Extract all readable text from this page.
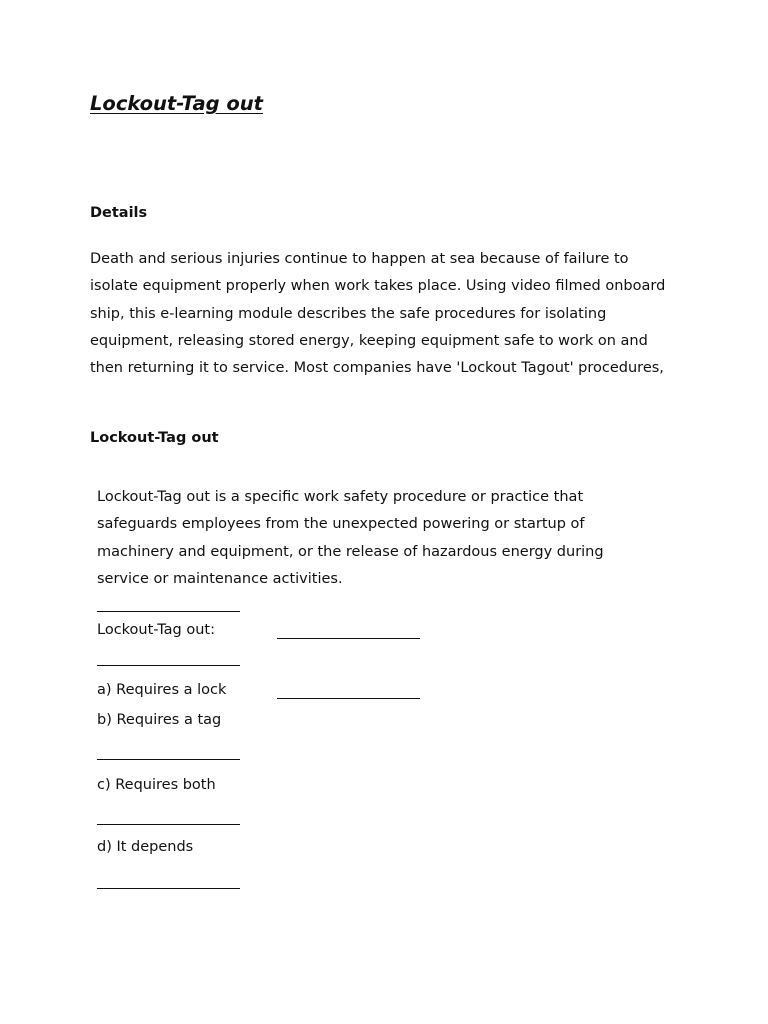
Lockout-Tag out
Details
Death and serious injuries continue to happen at sea because of failure to isolate equipment properly when work takes place. Using video filmed onboard ship, this e-learning module describes the safe procedures for isolating equipment, releasing stored energy, keeping equipment safe to work on and then returning it to service. Most companies have 'Lockout Tagout' procedures,
Lockout-Tag out
Lockout-Tag out is a specific work safety procedure or practice that safeguards employees from the unexpected powering or startup of machinery and equipment, or the release of hazardous energy during service or maintenance activities.
Lockout-Tag out:
a) Requires a lock
b) Requires a tag
c) Requires both
d) It depends
